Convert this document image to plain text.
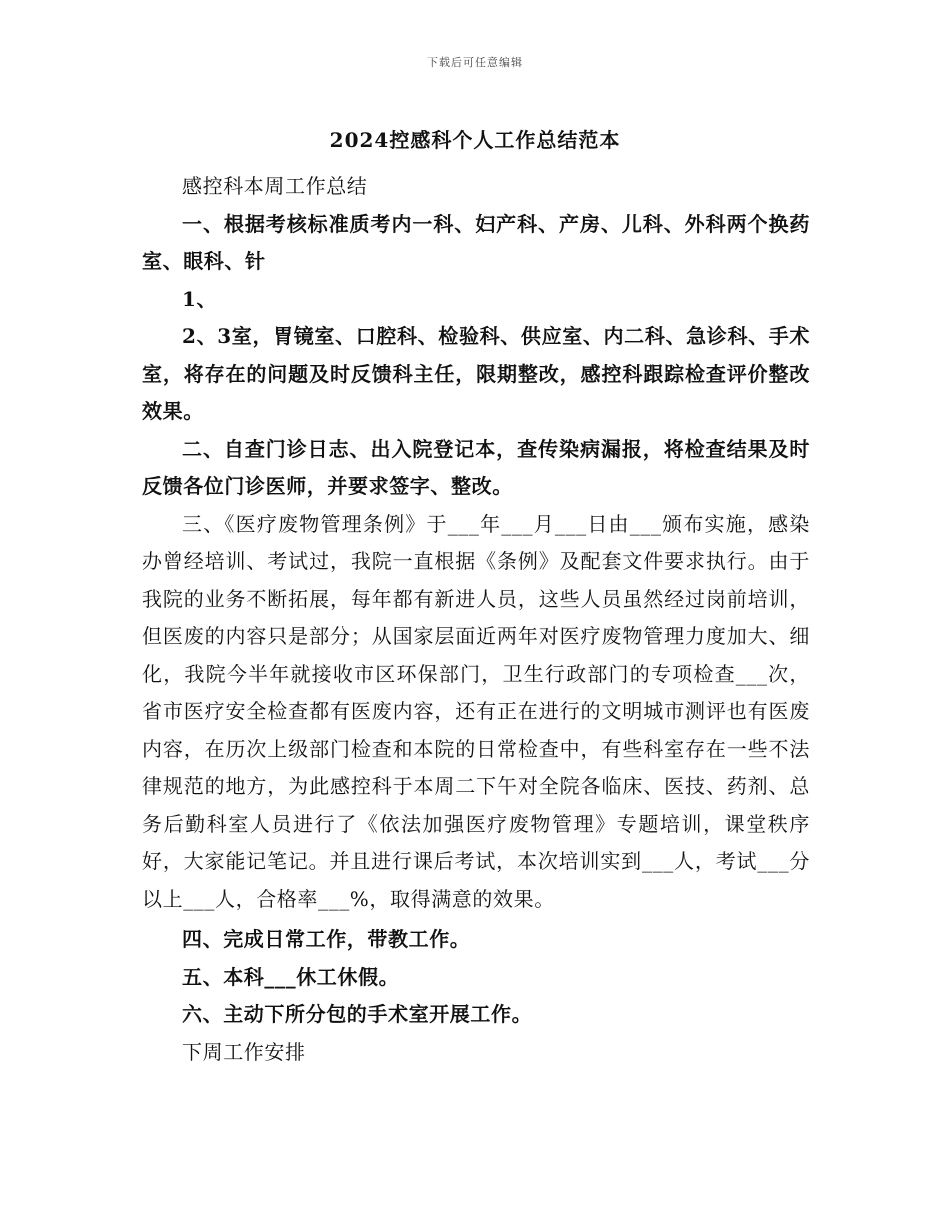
下载后可任意编辑
2024控感科个人工作总结范本

感控科本周工作总结

一、根据考核标准质考内一科、妇产科、产房、儿科、外科两个换药室、眼科、针

1、

2、3室，胃镜室、口腔科、检验科、供应室、内二科、急诊科、手术室，将存在的问题及时反馈科主任，限期整改，感控科跟踪检查评价整改效果。

二、自查门诊日志、出入院登记本，查传染病漏报，将检查结果及时反馈各位门诊医师，并要求签字、整改。

三、《医疗废物管理条例》于___年___月___日由___颁布实施，感染办曾经培训、考试过，我院一直根据《条例》及配套文件要求执行。由于我院的业务不断拓展，每年都有新进人员，这些人员虽然经过岗前培训，但医废的内容只是部分；从国家层面近两年对医疗废物管理力度加大、细化，我院今半年就接收市区环保部门，卫生行政部门的专项检查___次，省市医疗安全检查都有医废内容，还有正在进行的文明城市测评也有医废内容，在历次上级部门检查和本院的日常检查中，有些科室存在一些不法律规范的地方，为此感控科于本周二下午对全院各临床、医技、药剂、总务后勤科室人员进行了《依法加强医疗废物管理》专题培训，课堂秩序好，大家能记笔记。并且进行课后考试，本次培训实到___人，考试___分以上___人，合格率___%，取得满意的效果。

四、完成日常工作，带教工作。

五、本科___休工休假。

六、主动下所分包的手术室开展工作。

下周工作安排
